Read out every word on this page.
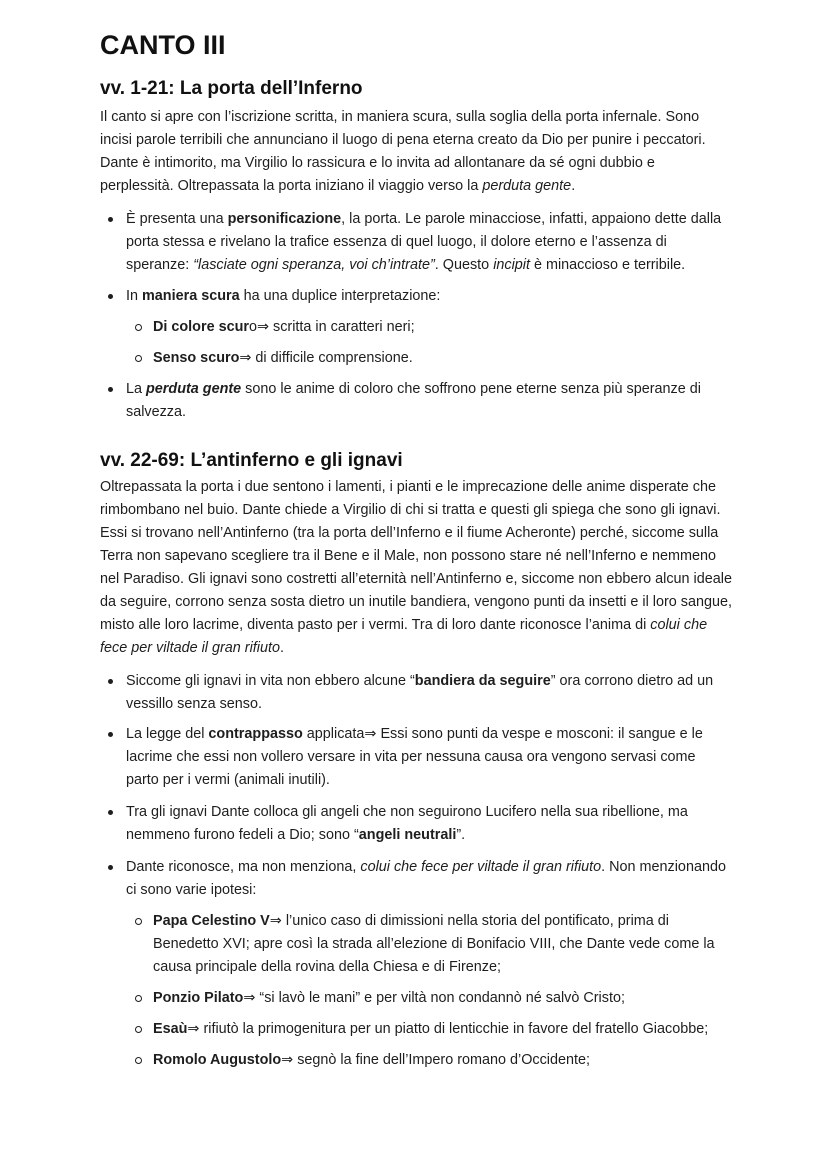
CANTO III
vv. 1-21: La porta dell’Inferno

Il canto si apre con l’iscrizione scritta, in maniera scura, sulla soglia della porta infernale. Sono incisi parole terribili che annunciano il luogo di pena eterna creato da Dio per punire i peccatori. Dante è intimorito, ma Virgilio lo rassicura e lo invita ad allontanare da sé ogni dubbio e perplessità. Oltrepassata la porta iniziano il viaggio verso la perduta gente.

È presenta una personificazione, la porta. Le parole minacciose, infatti, appaiono dette dalla porta stessa e rivelano la trafice essenza di quel luogo, il dolore eterno e l’assenza di speranze: “lasciate ogni speranza, voi ch’intrate”. Questo incipit è minaccioso e terribile.
In maniera scura ha una duplice interpretazione:
Di colore scuro⇒ scritta in caratteri neri;
Senso scuro⇒ di difficile comprensione.
La perduta gente sono le anime di coloro che soffrono pene eterne senza più speranze di salvezza.
vv. 22-69: L’antinferno e gli ignavi

Oltrepassata la porta i due sentono i lamenti, i pianti e le imprecazione delle anime disperate che rimbombano nel buio. Dante chiede a Virgilio di chi si tratta e questi gli spiega che sono gli ignavi. Essi si trovano nell’Antinferno (tra la porta dell’Inferno e il fiume Acheronte) perché, siccome sulla Terra non sapevano scegliere tra il Bene e il Male, non possono stare né nell’Inferno e nemmeno nel Paradiso. Gli ignavi sono costretti all’eternità nell’Antinferno e, siccome non ebbero alcun ideale da seguire, corrono senza sosta dietro un inutile bandiera, vengono punti da insetti e il loro sangue, misto alle loro lacrime, diventa pasto per i vermi. Tra di loro dante riconosce l’anima di colui che fece per viltade il gran rifiuto.

Siccome gli ignavi in vita non ebbero alcune “bandiera da seguire” ora corrono dietro ad un vessillo senza senso.
La legge del contrappasso applicata⇒ Essi sono punti da vespe e mosconi: il sangue e le lacrime che essi non vollero versare in vita per nessuna causa ora vengono servasi come parto per i vermi (animali inutili).
Tra gli ignavi Dante colloca gli angeli che non seguirono Lucifero nella sua ribellione, ma nemmeno furono fedeli a Dio; sono “angeli neutrali”.
Dante riconosce, ma non menziona, colui che fece per viltade il gran rifiuto. Non menzionando ci sono varie ipotesi:
Papa Celestino V⇒ l’unico caso di dimissioni nella storia del pontificato, prima di Benedetto XVI; apre così la strada all’elezione di Bonifacio VIII, che Dante vede come la causa principale della rovina della Chiesa e di Firenze;
Ponzio Pilato⇒ “si lavò le mani” e per viltà non condannò né salvò Cristo;
Esaù⇒ rifiutò la primogenitura per un piatto di lenticchie in favore del fratello Giacobbe;
Romolo Augustolo⇒ segnò la fine dell’Impero romano d’Occidente;
